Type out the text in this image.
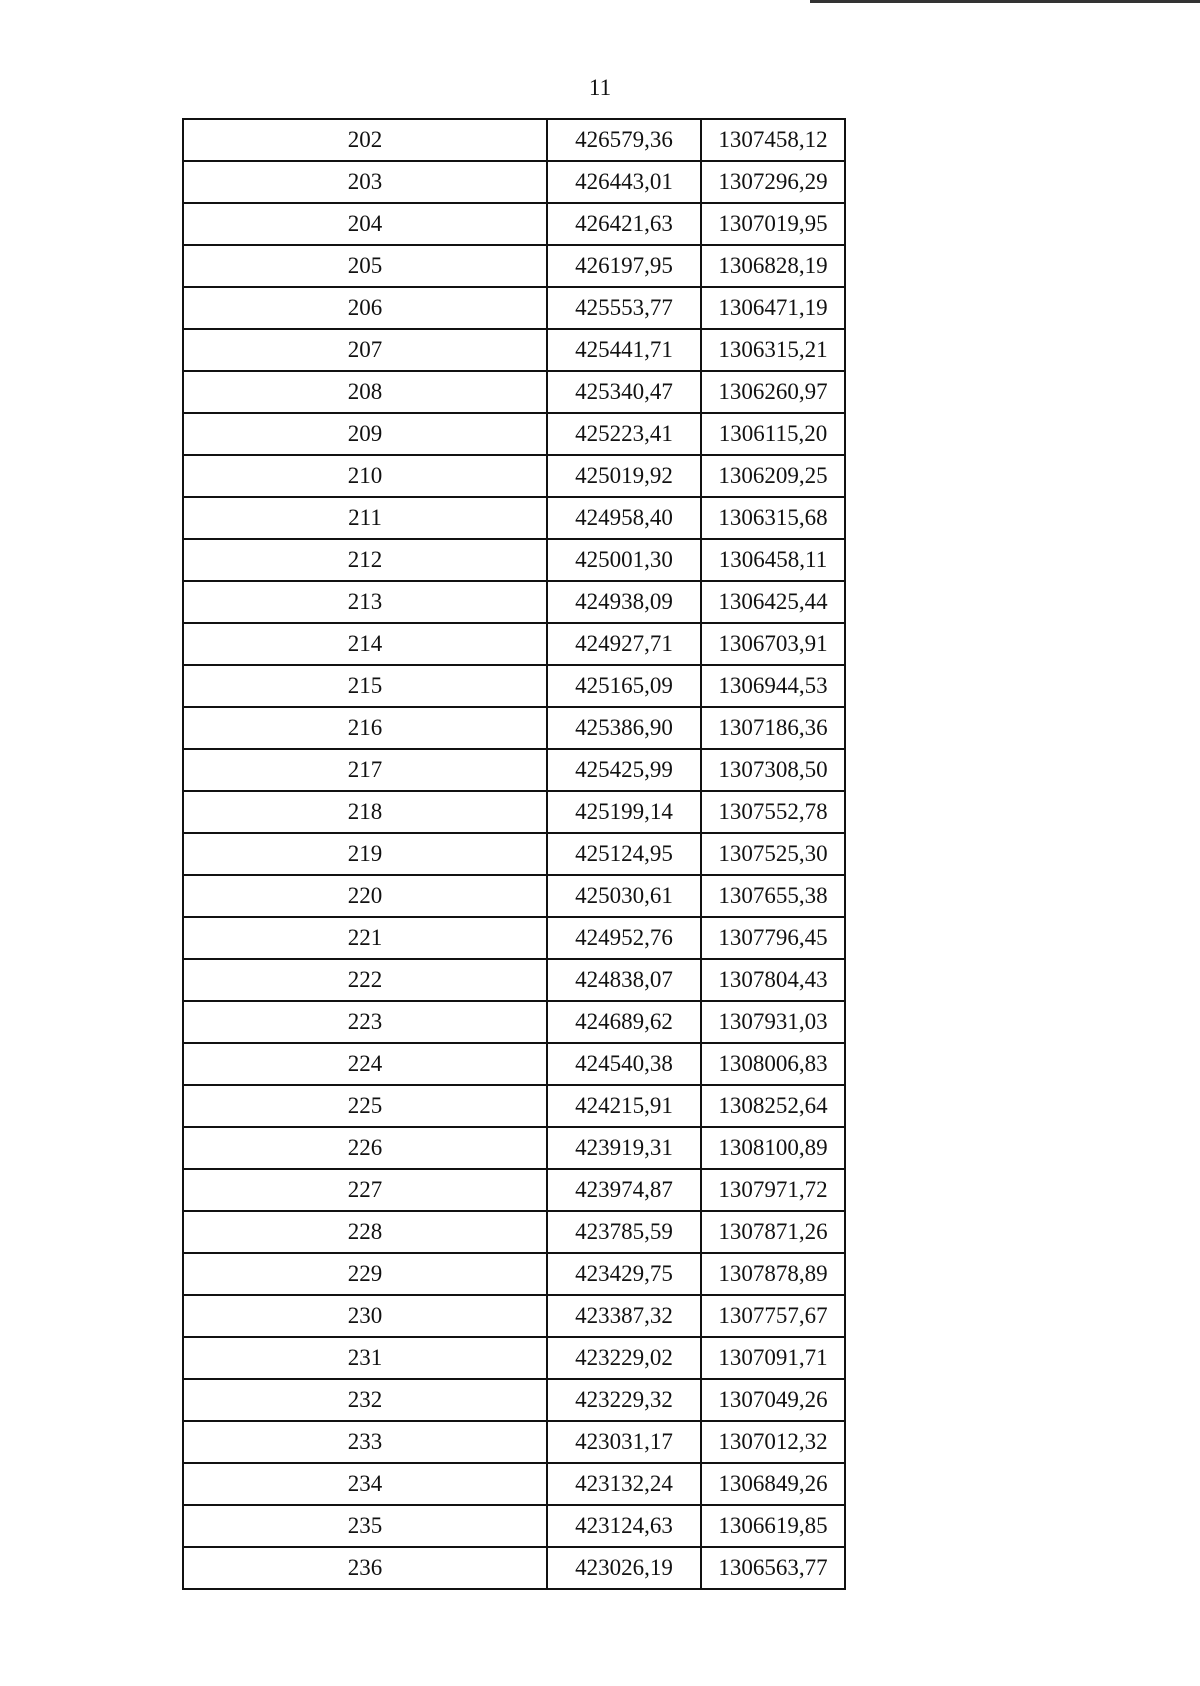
11
202	426579,36	1307458,12
203	426443,01	1307296,29
204	426421,63	1307019,95
205	426197,95	1306828,19
206	425553,77	1306471,19
207	425441,71	1306315,21
208	425340,47	1306260,97
209	425223,41	1306115,20
210	425019,92	1306209,25
211	424958,40	1306315,68
212	425001,30	1306458,11
213	424938,09	1306425,44
214	424927,71	1306703,91
215	425165,09	1306944,53
216	425386,90	1307186,36
217	425425,99	1307308,50
218	425199,14	1307552,78
219	425124,95	1307525,30
220	425030,61	1307655,38
221	424952,76	1307796,45
222	424838,07	1307804,43
223	424689,62	1307931,03
224	424540,38	1308006,83
225	424215,91	1308252,64
226	423919,31	1308100,89
227	423974,87	1307971,72
228	423785,59	1307871,26
229	423429,75	1307878,89
230	423387,32	1307757,67
231	423229,02	1307091,71
232	423229,32	1307049,26
233	423031,17	1307012,32
234	423132,24	1306849,26
235	423124,63	1306619,85
236	423026,19	1306563,77
